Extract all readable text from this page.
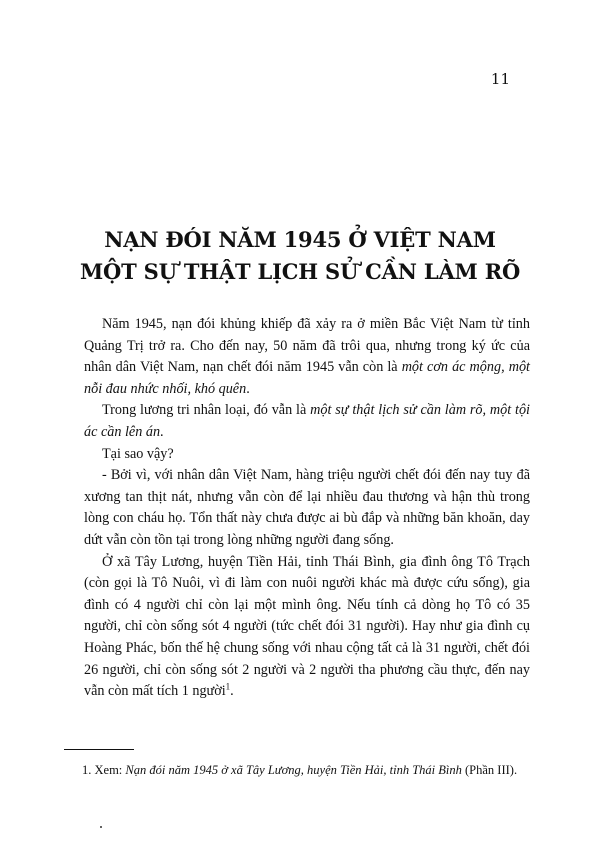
11
NẠN ĐÓI NĂM 1945 Ở VIỆT NAM
MỘT SỰ THẬT LỊCH SỬ CẦN LÀM RÕ

Năm 1945, nạn đói khủng khiếp đã xảy ra ở miền Bắc Việt Nam từ tỉnh Quảng Trị trở ra. Cho đến nay, 50 năm đã trôi qua, nhưng trong ký ức của nhân dân Việt Nam, nạn chết đói năm 1945 vẫn còn là một cơn ác mộng, một nỗi đau nhức nhối, khó quên.

Trong lương tri nhân loại, đó vẫn là một sự thật lịch sử cần làm rõ, một tội ác cần lên án.

Tại sao vậy?

- Bởi vì, với nhân dân Việt Nam, hàng triệu người chết đói đến nay tuy đã xương tan thịt nát, nhưng vẫn còn để lại nhiều đau thương và hận thù trong lòng con cháu họ. Tổn thất này chưa được ai bù đắp và những băn khoăn, day dứt vẫn còn tồn tại trong lòng những người đang sống.

Ở xã Tây Lương, huyện Tiền Hải, tỉnh Thái Bình, gia đình ông Tô Trạch (còn gọi là Tô Nuôi, vì đi làm con nuôi người khác mà được cứu sống), gia đình có 4 người chỉ còn lại một mình ông. Nếu tính cả dòng họ Tô có 35 người, chỉ còn sống sót 4 người (tức chết đói 31 người). Hay như gia đình cụ Hoàng Phác, bốn thế hệ chung sống với nhau cộng tất cả là 31 người, chết đói 26 người, chỉ còn sống sót 2 người và 2 người tha phương cầu thực, đến nay vẫn còn mất tích 1 người$^1$.

1. Xem: Nạn đói năm 1945 ở xã Tây Lương, huyện Tiền Hải, tỉnh Thái Bình (Phần III).
